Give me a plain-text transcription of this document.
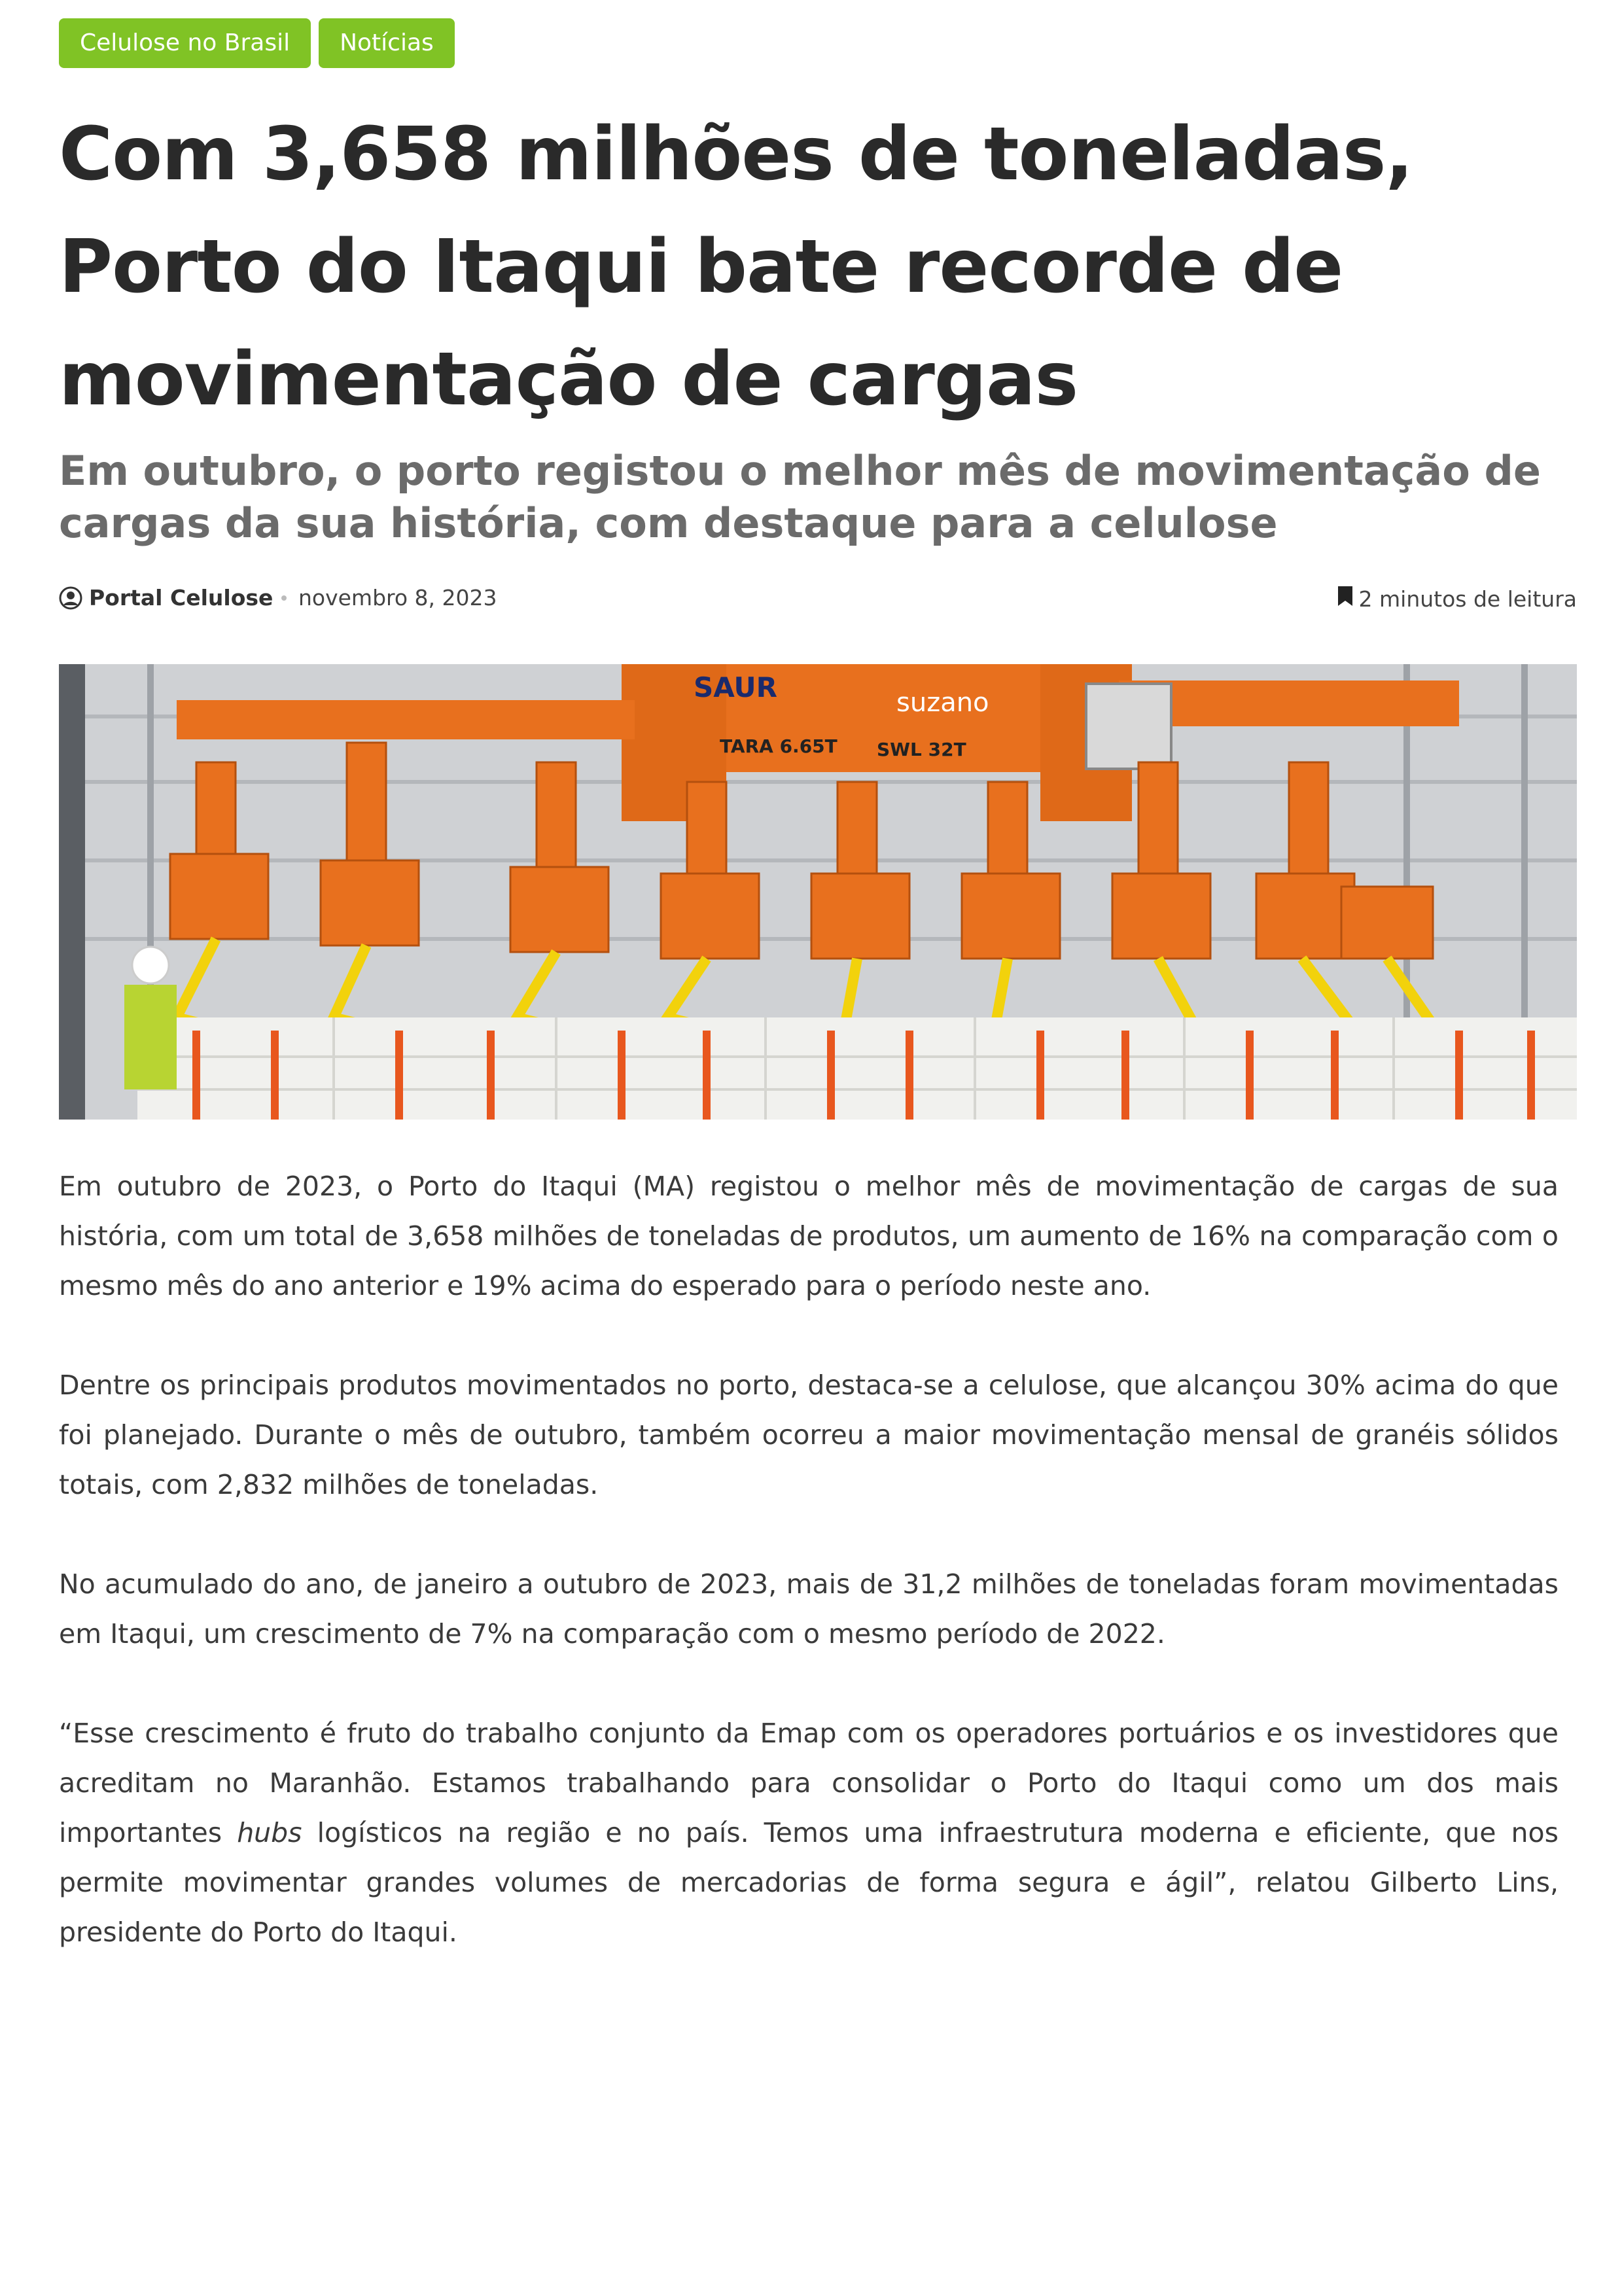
Celulose no Brasil	Notícias
Com 3,658 milhões de toneladas, Porto do Itaqui bate recorde de movimentação de cargas
Em outubro, o porto registou o melhor mês de movimentação de cargas da sua história, com destaque para a celulose
Portal Celulose novembro 8, 2023	2 minutos de leitura
SAUR	suzano
TARA 6.65T SWL 32T

Em outubro de 2023, o Porto do Itaqui (MA) registou o melhor mês de movimentação de cargas de sua história, com um total de 3,658 milhões de toneladas de produtos, um aumento de 16% na comparação com o mesmo mês do ano anterior e 19% acima do esperado para o período neste ano.

Dentre os principais produtos movimentados no porto, destaca-se a celulose, que alcançou 30% acima do que foi planejado. Durante o mês de outubro, também ocorreu a maior movimentação mensal de granéis sólidos totais, com 2,832 milhões de toneladas.

No acumulado do ano, de janeiro a outubro de 2023, mais de 31,2 milhões de toneladas foram movimentadas em Itaqui, um crescimento de 7% na comparação com o mesmo período de 2022.

“Esse crescimento é fruto do trabalho conjunto da Emap com os operadores portuários e os investidores que acreditam no Maranhão. Estamos trabalhando para consolidar o Porto do Itaqui como um dos mais importantes hubs logísticos na região e no país. Temos uma infraestrutura moderna e eficiente, que nos permite movimentar grandes volumes de mercadorias de forma segura e ágil”, relatou Gilberto Lins, presidente do Porto do Itaqui.
